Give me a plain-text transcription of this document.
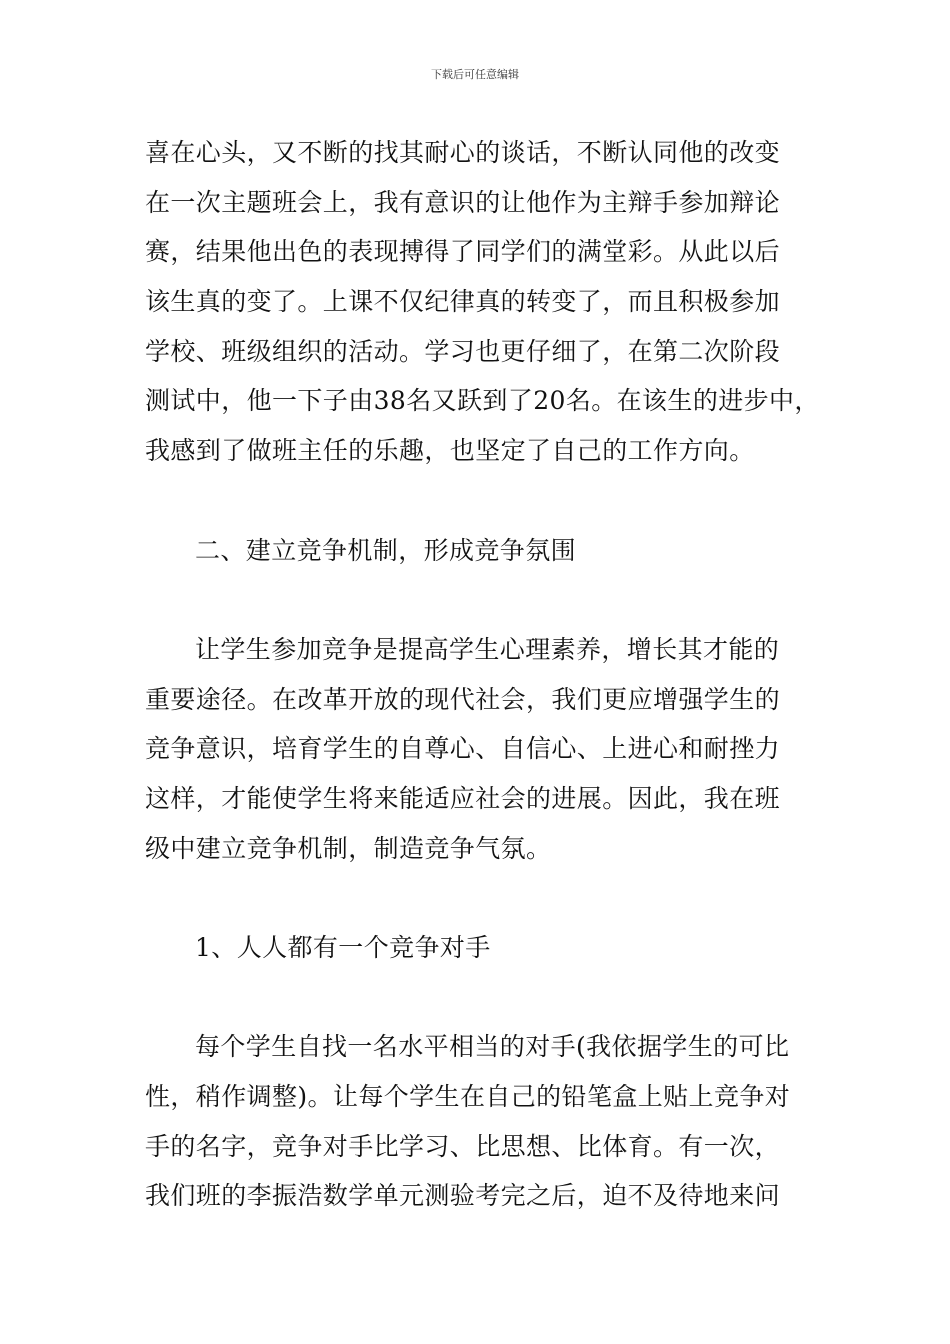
下载后可任意编辑
喜在心头，又不断的找其耐心的谈话，不断认同他的改变
在一次主题班会上，我有意识的让他作为主辩手参加辩论
赛，结果他出色的表现搏得了同学们的满堂彩。从此以后
该生真的变了。上课不仅纪律真的转变了，而且积极参加
学校、班级组织的活动。学习也更仔细了，在第二次阶段
测试中，他一下子由38名又跃到了20名。在该生的进步中，
我感到了做班主任的乐趣，也坚定了自己的工作方向。
二、建立竞争机制，形成竞争氛围
让学生参加竞争是提高学生心理素养，增长其才能的
重要途径。在改革开放的现代社会，我们更应增强学生的
竞争意识，培育学生的自尊心、自信心、上进心和耐挫力
这样，才能使学生将来能适应社会的进展。因此，我在班
级中建立竞争机制，制造竞争气氛。
1、人人都有一个竞争对手
每个学生自找一名水平相当的对手(我依据学生的可比
性，稍作调整)。让每个学生在自己的铅笔盒上贴上竞争对
手的名字，竞争对手比学习、比思想、比体育。有一次，
我们班的李振浩数学单元测验考完之后，迫不及待地来问
